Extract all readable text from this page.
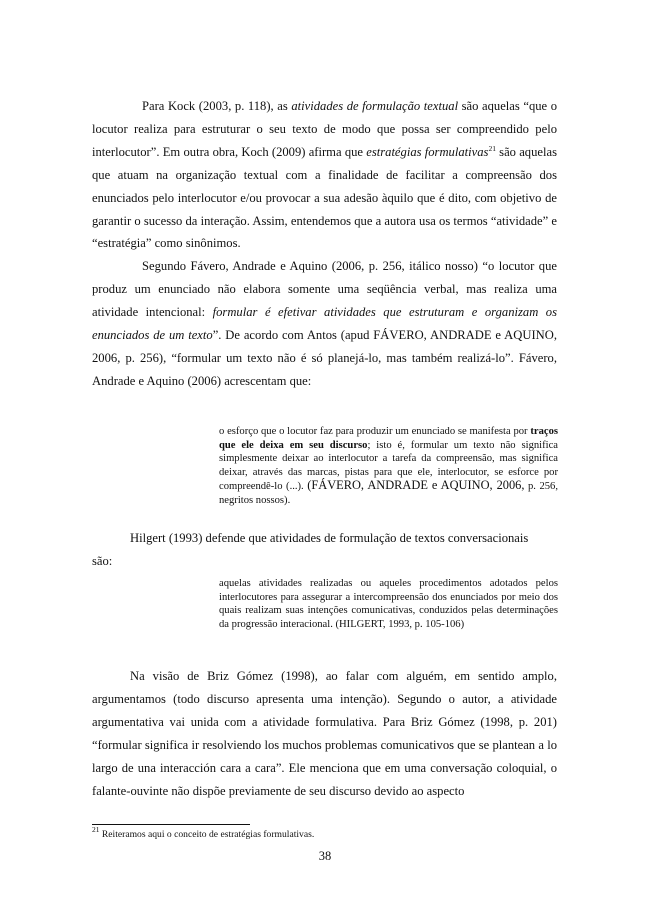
Para Kock (2003, p. 118), as atividades de formulação textual são aquelas “que o locutor realiza para estruturar o seu texto de modo que possa ser compreendido pelo interlocutor”. Em outra obra, Koch (2009) afirma que estratégias formulativas$^{21}$ são aquelas que atuam na organização textual com a finalidade de facilitar a compreensão dos enunciados pelo interlocutor e/ou provocar a sua adesão àquilo que é dito, com objetivo de garantir o sucesso da interação. Assim, entendemos que a autora usa os termos “atividade” e “estratégia” como sinônimos.

Segundo Fávero, Andrade e Aquino (2006, p. 256, itálico nosso) “o locutor que produz um enunciado não elabora somente uma seqüência verbal, mas realiza uma atividade intencional: formular é efetivar atividades que estruturam e organizam os enunciados de um texto”. De acordo com Antos (apud FÁVERO, ANDRADE e AQUINO, 2006, p. 256), “formular um texto não é só planejá-lo, mas também realizá-lo”. Fávero, Andrade e Aquino (2006) acrescentam que:

o esforço que o locutor faz para produzir um enunciado se manifesta por traços que ele deixa em seu discurso; isto é, formular um texto não significa simplesmente deixar ao interlocutor a tarefa da compreensão, mas significa deixar, através das marcas, pistas para que ele, interlocutor, se esforce por compreendê-lo (...). (FÁVERO, ANDRADE e AQUINO, 2006, p. 256, negritos nossos).

Hilgert (1993) defende que atividades de formulação de textos conversacionais

são:

aquelas atividades realizadas ou aqueles procedimentos adotados pelos interlocutores para assegurar a intercompreensão dos enunciados por meio dos quais realizam suas intenções comunicativas, conduzidos pelas determinações da progressão interacional. (HILGERT, 1993, p. 105-106)

Na visão de Briz Gómez (1998), ao falar com alguém, em sentido amplo, argumentamos (todo discurso apresenta uma intenção). Segundo o autor, a atividade argumentativa vai unida com a atividade formulativa. Para Briz Gómez (1998, p. 201) “formular significa ir resolviendo los muchos problemas comunicativos que se plantean a lo largo de una interacción cara a cara”. Ele menciona que em uma conversação coloquial, o falante-ouvinte não dispõe previamente de seu discurso devido ao aspecto

$^{21}$ Reiteramos aqui o conceito de estratégias formulativas.
38
